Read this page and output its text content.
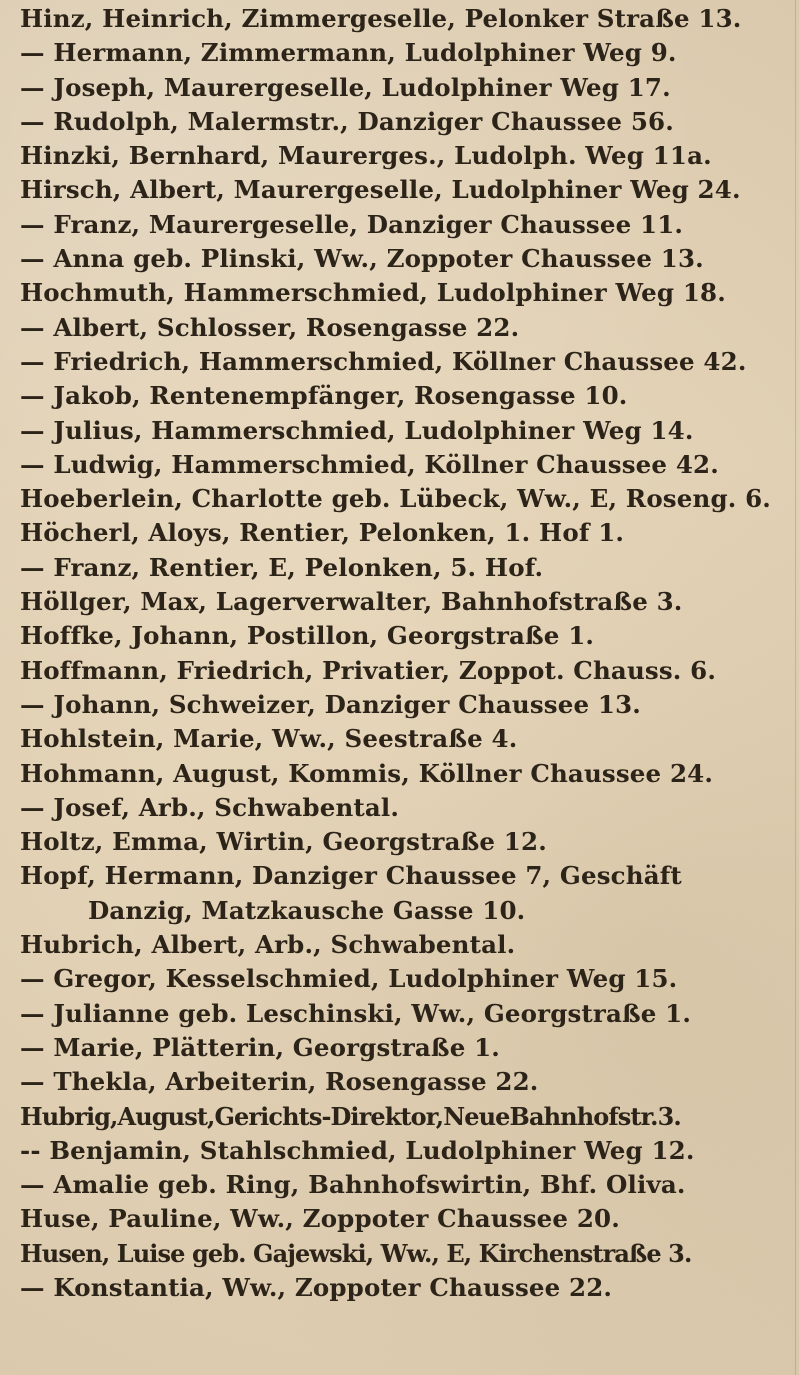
Hinz, Heinrich, Zimmergeselle, Pelonker Straße 13.
— Hermann, Zimmermann, Ludolphiner Weg 9.
— Joseph, Maurergeselle, Ludolphiner Weg 17.
— Rudolph, Malermstr., Danziger Chaussee 56.
Hinzki, Bernhard, Maurerges., Ludolph. Weg 11a.
Hirsch, Albert, Maurergeselle, Ludolphiner Weg 24.
— Franz, Maurergeselle, Danziger Chaussee 11.
— Anna geb. Plinski, Ww., Zoppoter Chaussee 13.
Hochmuth, Hammerschmied, Ludolphiner Weg 18.
— Albert, Schlosser, Rosengasse 22.
— Friedrich, Hammerschmied, Köllner Chaussee 42.
— Jakob, Rentenempfänger, Rosengasse 10.
— Julius, Hammerschmied, Ludolphiner Weg 14.
— Ludwig, Hammerschmied, Köllner Chaussee 42.
Hoeberlein, Charlotte geb. Lübeck, Ww., E, Roseng. 6.
Höcherl, Aloys, Rentier, Pelonken, 1. Hof 1.
— Franz, Rentier, E, Pelonken, 5. Hof.
Höllger, Max, Lagerverwalter, Bahnhofstraße 3.
Hoffke, Johann, Postillon, Georgstraße 1.
Hoffmann, Friedrich, Privatier, Zoppot. Chauss. 6.
— Johann, Schweizer, Danziger Chaussee 13.
Hohlstein, Marie, Ww., Seestraße 4.
Hohmann, August, Kommis, Köllner Chaussee 24.
— Josef, Arb., Schwabental.
Holtz, Emma, Wirtin, Georgstraße 12.
Hopf, Hermann, Danziger Chaussee 7, Geschäft
Danzig, Matzkausche Gasse 10.
Hubrich, Albert, Arb., Schwabental.
— Gregor, Kesselschmied, Ludolphiner Weg 15.
— Julianne geb. Leschinski, Ww., Georgstraße 1.
— Marie, Plätterin, Georgstraße 1.
— Thekla, Arbeiterin, Rosengasse 22.
Hubrig,August,Gerichts-Direktor,NeueBahnhofstr.3.
-- Benjamin, Stahlschmied, Ludolphiner Weg 12.
— Amalie geb. Ring, Bahnhofswirtin, Bhf. Oliva.
Huse, Pauline, Ww., Zoppoter Chaussee 20.
Husen, Luise geb. Gajewski, Ww., E, Kirchenstraße 3.
— Konstantia, Ww., Zoppoter Chaussee 22.
